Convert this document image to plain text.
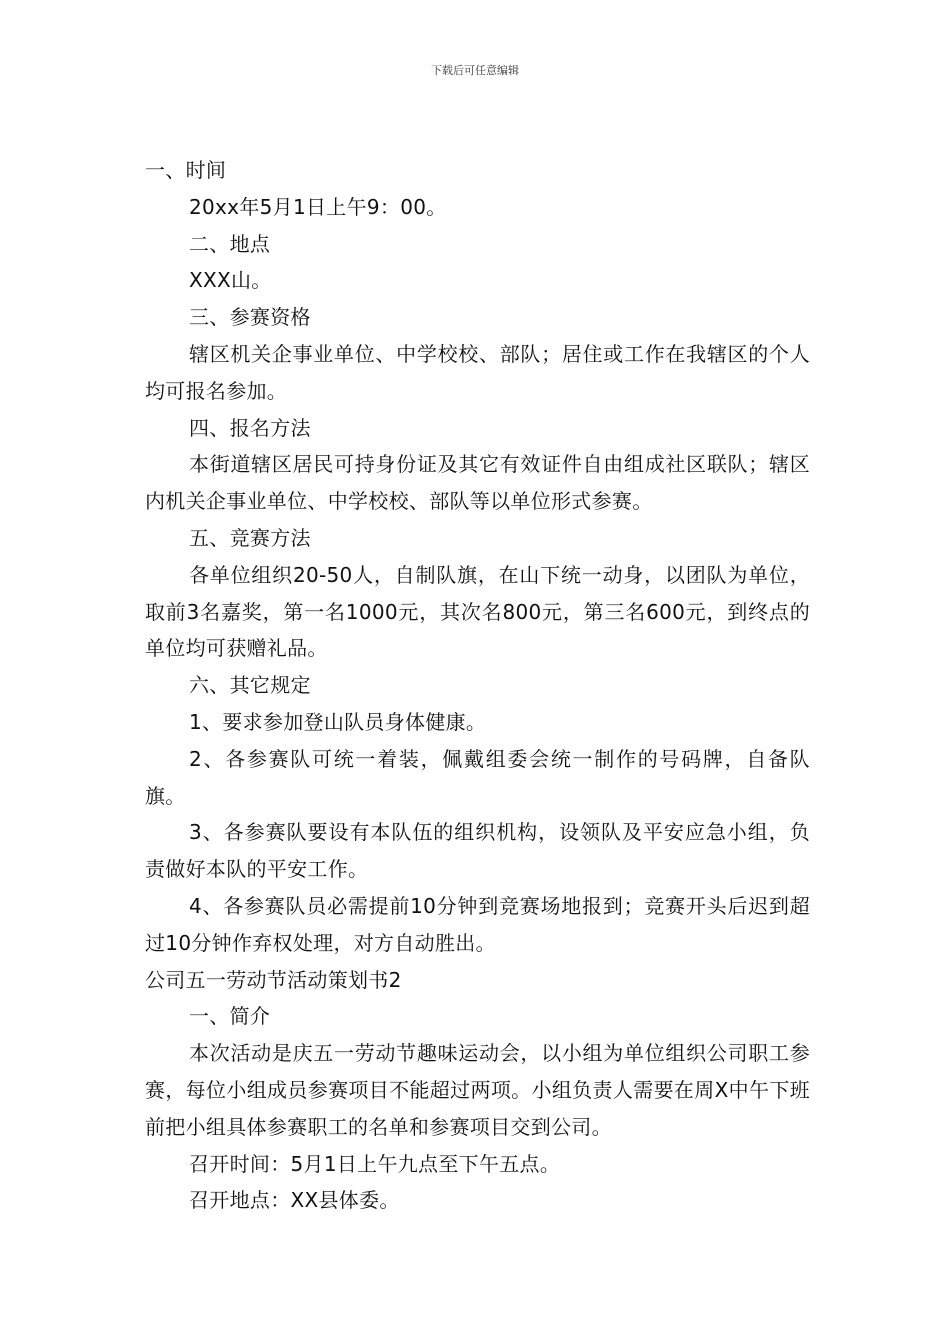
下载后可任意编辑

一、时间

20xx年5月1日上午9：00。

二、地点

XXX山。

三、参赛资格

辖区机关企事业单位、中学校校、部队；居住或工作在我辖区的个人均可报名参加。

四、报名方法

本街道辖区居民可持身份证及其它有效证件自由组成社区联队；辖区内机关企事业单位、中学校校、部队等以单位形式参赛。

五、竞赛方法

各单位组织20-50人，自制队旗，在山下统一动身，以团队为单位，取前3名嘉奖，第一名1000元，其次名800元，第三名600元，到终点的单位均可获赠礼品。

六、其它规定

1、要求参加登山队员身体健康。

2、各参赛队可统一着装，佩戴组委会统一制作的号码牌，自备队旗。

3、各参赛队要设有本队伍的组织机构，设领队及平安应急小组，负责做好本队的平安工作。

4、各参赛队员必需提前10分钟到竞赛场地报到；竞赛开头后迟到超过10分钟作弃权处理，对方自动胜出。

公司五一劳动节活动策划书2

一、简介

本次活动是庆五一劳动节趣味运动会，以小组为单位组织公司职工参赛，每位小组成员参赛项目不能超过两项。小组负责人需要在周X中午下班前把小组具体参赛职工的名单和参赛项目交到公司。

召开时间：5月1日上午九点至下午五点。

召开地点：XX县体委。
